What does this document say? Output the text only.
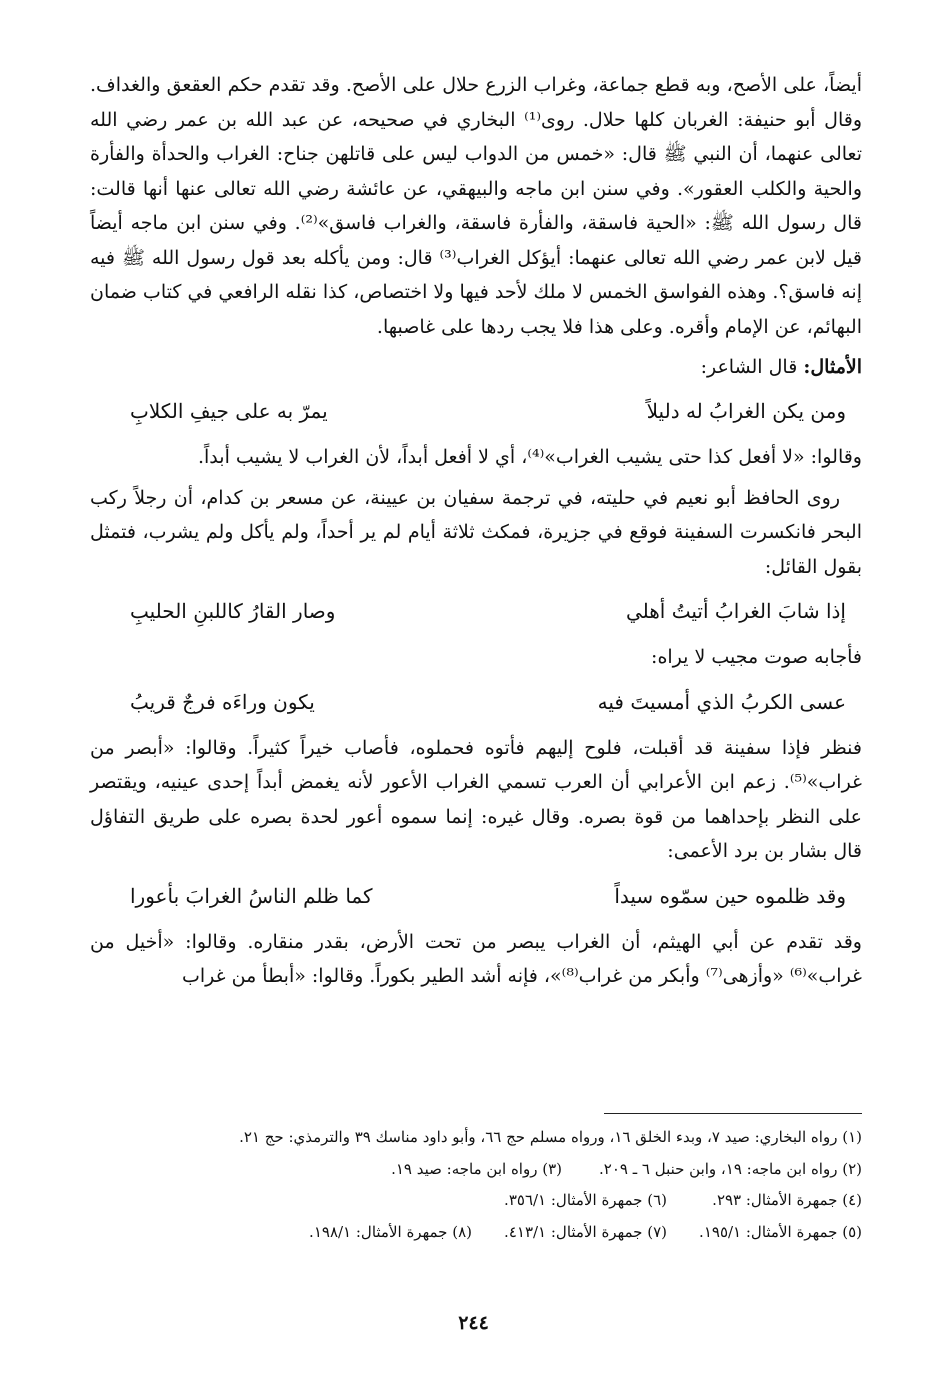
أيضاً، على الأصح، وبه قطع جماعة، وغراب الزرع حلال على الأصح. وقد تقدم حكم العقعق والغداف. وقال أبو حنيفة: الغربان كلها حلال. روى⁽¹⁾ البخاري في صحيحه، عن عبد الله بن عمر رضي الله تعالى عنهما، أن النبي ﷺ قال: «خمس من الدواب ليس على قاتلهن جناح: الغراب والحدأة والفأرة والحية والكلب العقور». وفي سنن ابن ماجه والبيهقي، عن عائشة رضي الله تعالى عنها أنها قالت: قال رسول الله ﷺ: «الحية فاسقة، والفأرة فاسقة، والغراب فاسق»⁽²⁾. وفي سنن ابن ماجه أيضاً قيل لابن عمر رضي الله تعالى عنهما: أيؤكل الغراب⁽³⁾ قال: ومن يأكله بعد قول رسول الله ﷺ فيه إنه فاسق؟. وهذه الفواسق الخمس لا ملك لأحد فيها ولا اختصاص، كذا نقله الرافعي في كتاب ضمان البهائم، عن الإمام وأقره. وعلى هذا فلا يجب ردها على غاصبها.

الأمثال: قال الشاعر:

ومن يكن الغرابُ له دليلاً
يمرّ به على جيفِ الكلابِ

وقالوا: «لا أفعل كذا حتى يشيب الغراب»⁽⁴⁾، أي لا أفعل أبداً، لأن الغراب لا يشيب أبداً.

روى الحافظ أبو نعيم في حليته، في ترجمة سفيان بن عيينة، عن مسعر بن كدام، أن رجلاً ركب البحر فانكسرت السفينة فوقع في جزيرة، فمكث ثلاثة أيام لم ير أحداً، ولم يأكل ولم يشرب، فتمثل بقول القائل:

إذا شابَ الغرابُ أتيتُ أهلي
وصار القارُ كاللبنِ الحليبِ

فأجابه صوت مجيب لا يراه:

عسى الكربُ الذي أمسيتَ فيه
يكون وراءَه فرجٌ قريبُ

فنظر فإذا سفينة قد أقبلت، فلوح إليهم فأتوه فحملوه، فأصاب خيراً كثيراً. وقالوا: «أبصر من غراب»⁽⁵⁾. زعم ابن الأعرابي أن العرب تسمي الغراب الأعور لأنه يغمض أبداً إحدى عينيه، ويقتصر على النظر بإحداهما من قوة بصره. وقال غيره: إنما سموه أعور لحدة بصره على طريق التفاؤل قال بشار بن برد الأعمى:

وقد ظلموه حين سمّوه سيداً
كما ظلم الناسُ الغرابَ بأعورا

وقد تقدم عن أبي الهيثم، أن الغراب يبصر من تحت الأرض، بقدر منقاره. وقالوا: «أخيل من غراب»⁽⁶⁾ «وأزهى⁽⁷⁾ وأبكر من غراب⁽⁸⁾»، فإنه أشد الطير بكوراً. وقالوا: «أبطأ من غراب

(١) رواه البخاري: صيد ٧، وبدء الخلق ١٦، ورواه مسلم حج ٦٦، وأبو داود مناسك ٣٩ والترمذي: حج ٢١.
(٢) رواه ابن ماجه: ١٩، وابن حنبل ٦ ـ ٢٠٩.
(٣) رواه ابن ماجه: صيد ١٩.
(٤) جمهرة الأمثال: ٢٩٣.
(٦) جمهرة الأمثال: ٣٥٦/١.
(٥) جمهرة الأمثال: ١٩٥/١.
(٧) جمهرة الأمثال: ٤١٣/١.
(٨) جمهرة الأمثال: ١٩٨/١.
٢٤٤
